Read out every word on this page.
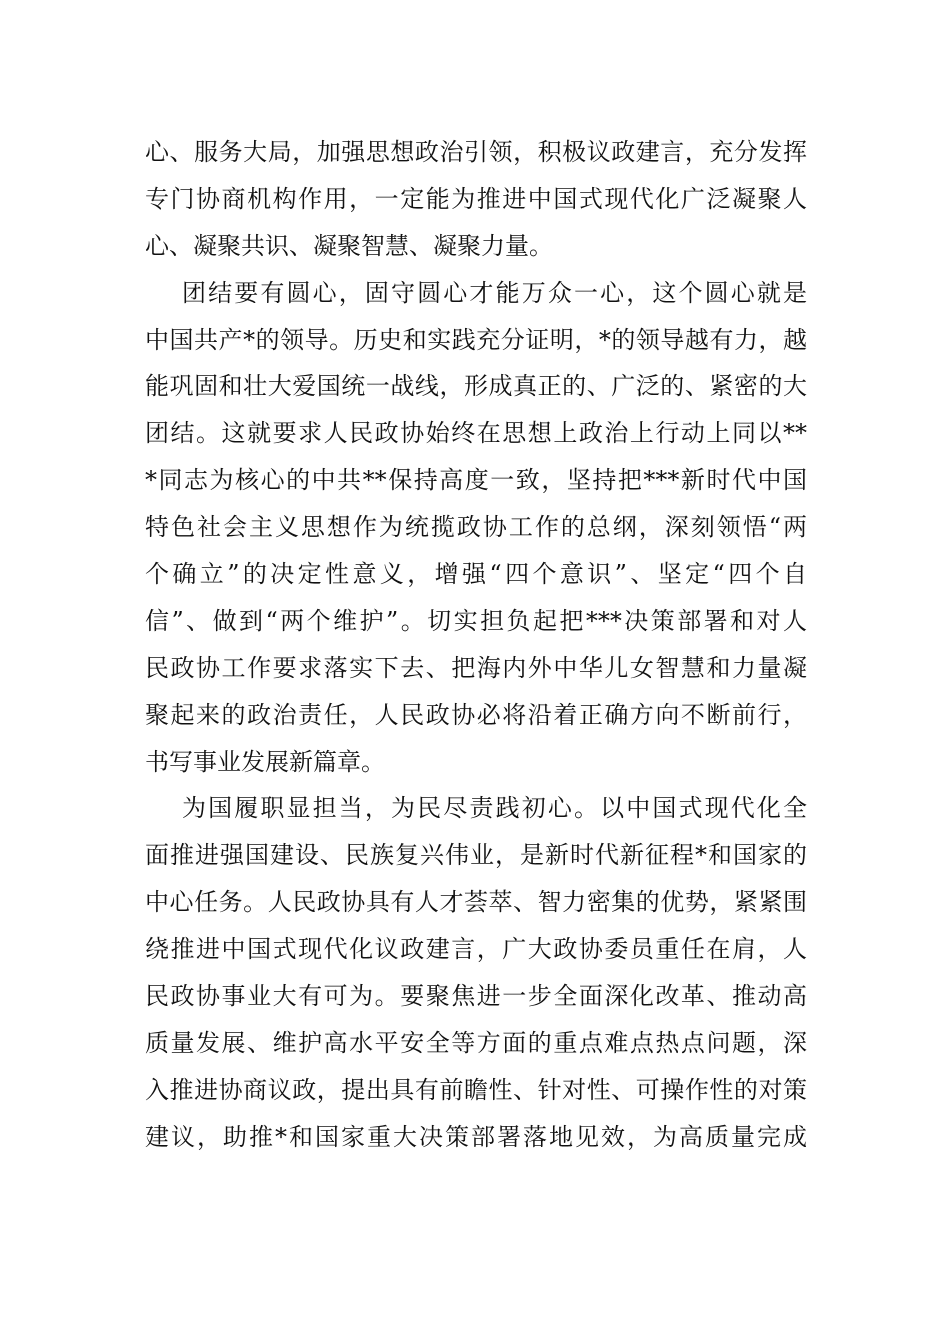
心、服务大局，加强思想政治引领，积极议政建言，充分发挥
专门协商机构作用，一定能为推进中国式现代化广泛凝聚人
心、凝聚共识、凝聚智慧、凝聚力量。
团结要有圆心，固守圆心才能万众一心，这个圆心就是
中国共产*的领导。历史和实践充分证明，*的领导越有力，越
能巩固和壮大爱国统一战线，形成真正的、广泛的、紧密的大
团结。这就要求人民政协始终在思想上政治上行动上同以**
*同志为核心的中共**保持高度一致，坚持把***新时代中国
特色社会主义思想作为统揽政协工作的总纲，深刻领悟“两
个确立”的决定性意义，增强“四个意识”、坚定“四个自
信”、做到“两个维护”。切实担负起把***决策部署和对人
民政协工作要求落实下去、把海内外中华儿女智慧和力量凝
聚起来的政治责任，人民政协必将沿着正确方向不断前行，
书写事业发展新篇章。
为国履职显担当，为民尽责践初心。以中国式现代化全
面推进强国建设、民族复兴伟业，是新时代新征程*和国家的
中心任务。人民政协具有人才荟萃、智力密集的优势，紧紧围
绕推进中国式现代化议政建言，广大政协委员重任在肩，人
民政协事业大有可为。要聚焦进一步全面深化改革、推动高
质量发展、维护高水平安全等方面的重点难点热点问题，深
入推进协商议政，提出具有前瞻性、针对性、可操作性的对策
建议，助推*和国家重大决策部署落地见效，为高质量完成
